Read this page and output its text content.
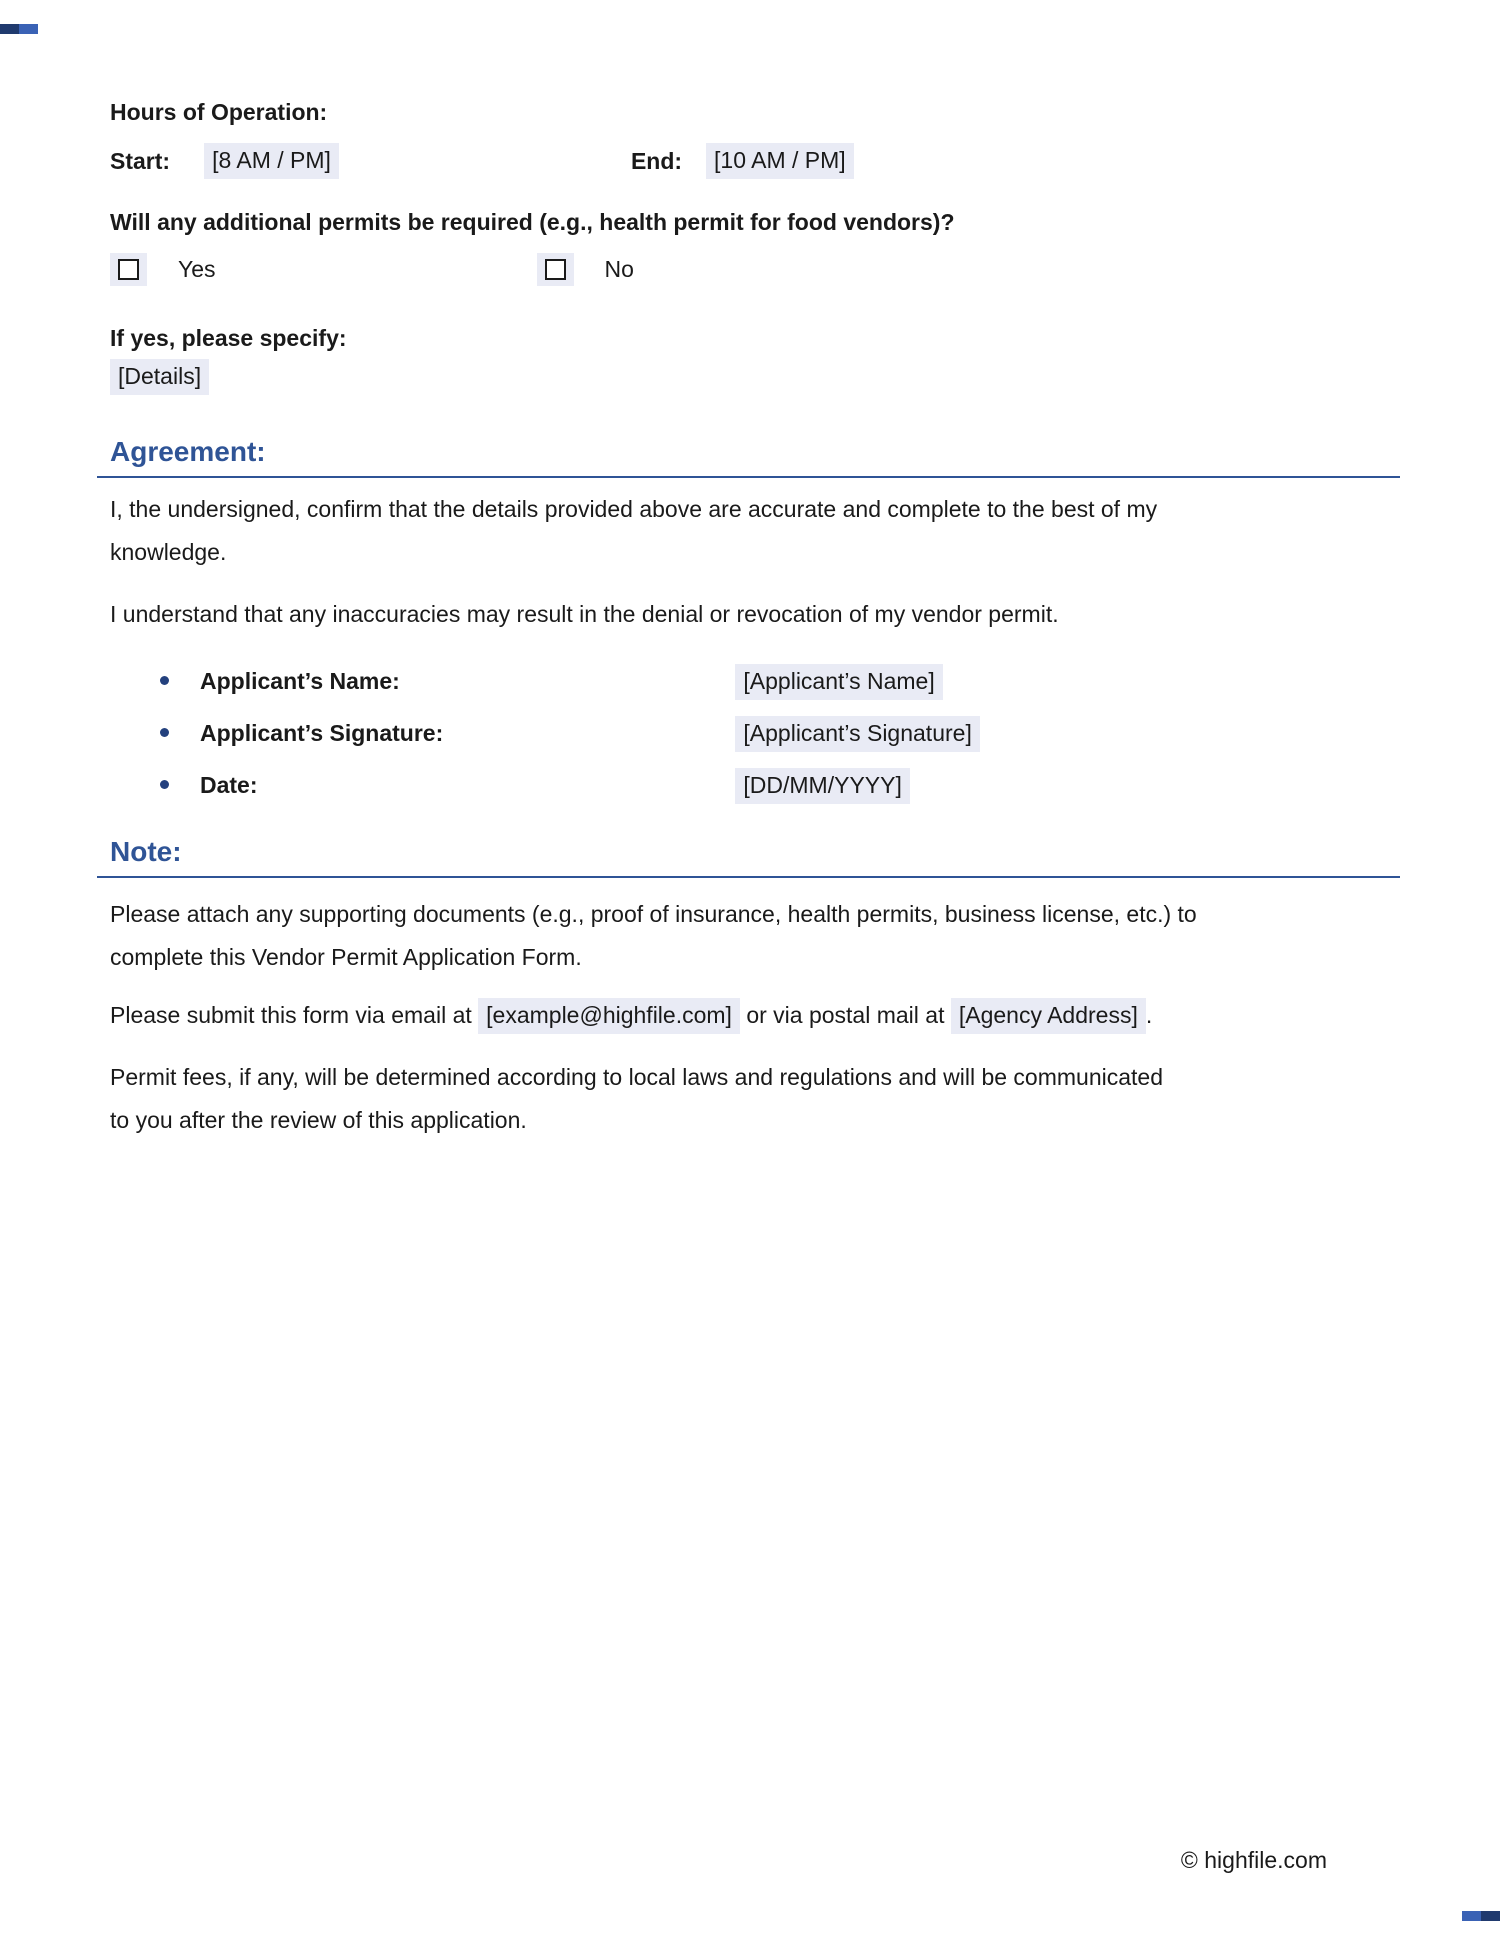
Hours of Operation:
Start:	[8 AM / PM]	End:	[10 AM / PM]
Will any additional permits be required (e.g., health permit for food vendors)?
Yes	No
If yes, please specify:
[Details]
Agreement:
I, the undersigned, confirm that the details provided above are accurate and complete to the best of my
knowledge.
I understand that any inaccuracies may result in the denial or revocation of my vendor permit.
Applicant’s Name:	[Applicant’s Name]
Applicant’s Signature:	[Applicant’s Signature]
Date:	[DD/MM/YYYY]
Note:
Please attach any supporting documents (e.g., proof of insurance, health permits, business license, etc.) to
complete this Vendor Permit Application Form.
Please submit this form via email at [example@highfile.com] or via postal mail at [Agency Address] .
Permit fees, if any, will be determined according to local laws and regulations and will be communicated
to you after the review of this application.
© highfile.com
